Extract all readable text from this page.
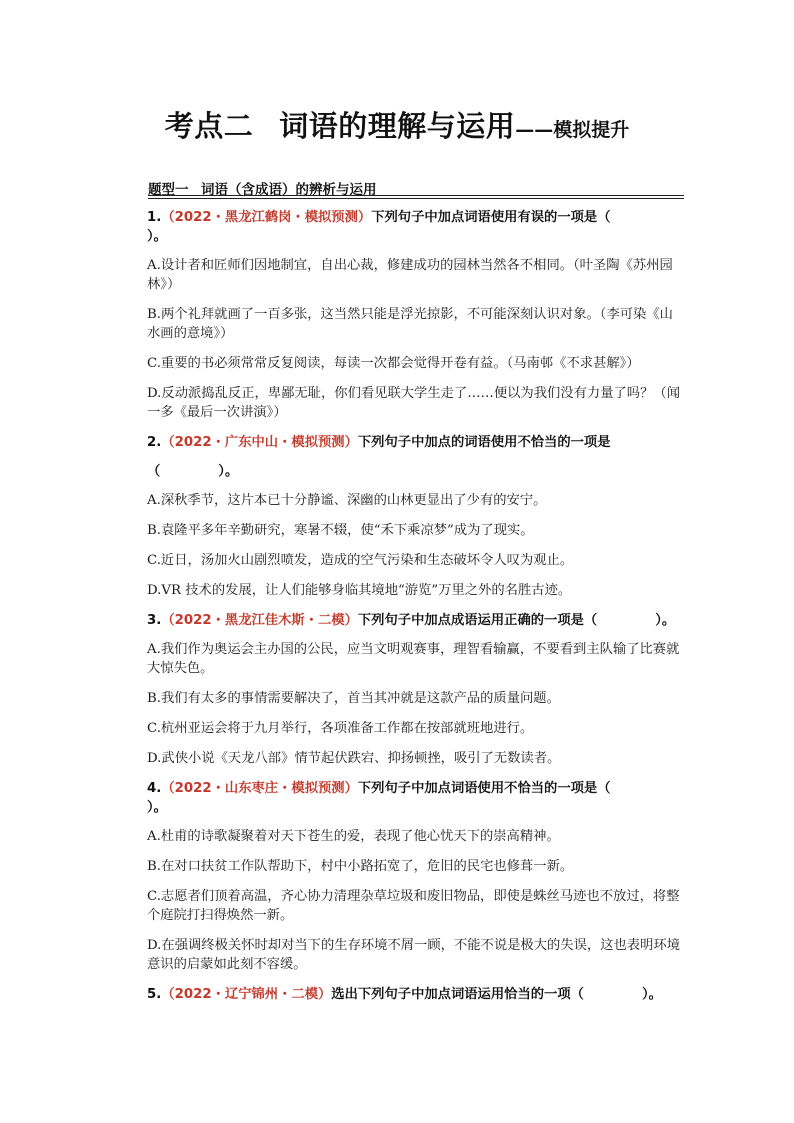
考点二 词语的理解与运用——模拟提升
题型一 词语（含成语）的辨析与运用
1.（2022・黑龙江鹤岗・模拟预测）下列句子中加点词语使用有误的一项是（）。
A.设计者和匠师们因地制宜，自出心裁，修建成功的园林当然各不相同。（叶圣陶《苏州园
林》）
B.两个礼拜就画了一百多张，这当然只能是浮光掠影，不可能深刻认识对象。（李可染《山
水画的意境》）
C.重要的书必须常常反复阅读，每读一次都会觉得开卷有益。（马南邨《不求甚解》）
D.反动派捣乱反正，卑鄙无耻，你们看见联大学生走了……便以为我们没有力量了吗？（闻
一多《最后一次讲演》）
2.（2022・广东中山・模拟预测）下列句子中加点的词语使用不恰当的一项是
（	）。
A.深秋季节，这片本已十分静谧、深幽的山林更显出了少有的安宁。
B.袁隆平多年辛勤研究，寒暑不辍，使“禾下乘凉梦”成为了现实。
C.近日，汤加火山剧烈喷发，造成的空气污染和生态破坏令人叹为观止。
D.VR 技术的发展，让人们能够身临其境地“游览”万里之外的名胜古迹。
3.（2022・黑龙江佳木斯・二模）下列句子中加点成语运用正确的一项是（	）。
A.我们作为奥运会主办国的公民，应当文明观赛事，理智看输赢，不要看到主队输了比赛就
大惊失色。
B.我们有太多的事情需要解决了，首当其冲就是这款产品的质量问题。
C.杭州亚运会将于九月举行，各项准备工作都在按部就班地进行。
D.武侠小说《天龙八部》情节起伏跌宕、抑扬顿挫，吸引了无数读者。
4.（2022・山东枣庄・模拟预测）下列句子中加点词语使用不恰当的一项是（）。
A.杜甫的诗歌凝聚着对天下苍生的爱，表现了他心忧天下的崇高精神。
B.在对口扶贫工作队帮助下，村中小路拓宽了，危旧的民宅也修葺一新。
C.志愿者们顶着高温，齐心协力清理杂草垃圾和废旧物品，即使是蛛丝马迹也不放过，将整
个庭院打扫得焕然一新。
D.在强调终极关怀时却对当下的生存环境不屑一顾，不能不说是极大的失误，这也表明环境
意识的启蒙如此刻不容缓。
5.（2022・辽宁锦州・二模）选出下列句子中加点词语运用恰当的一项（	）。
